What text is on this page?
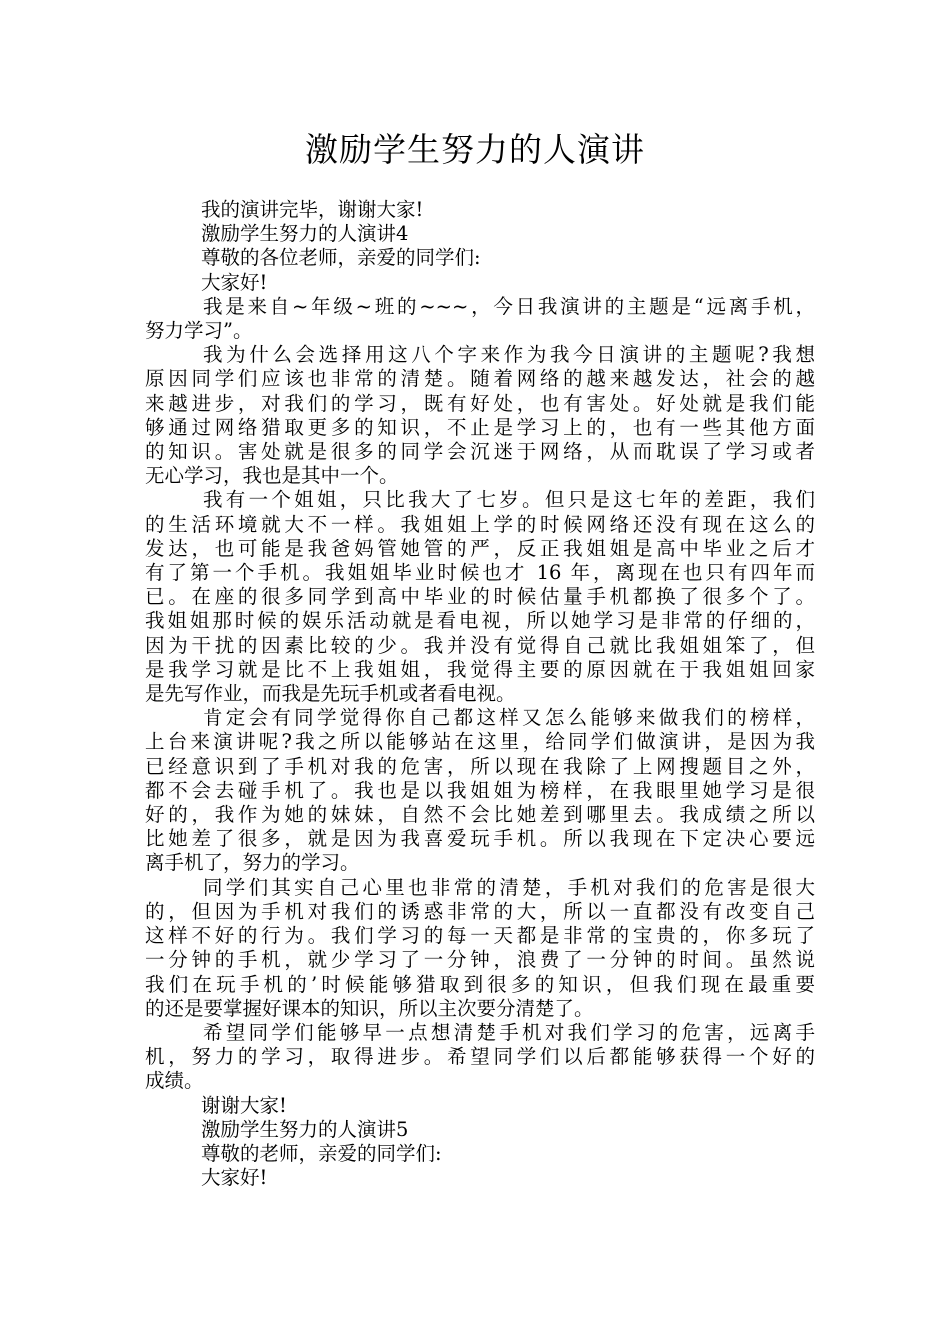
激励学生努力的人演讲

我的演讲完毕，谢谢大家!

激励学生努力的人演讲4

尊敬的各位老师，亲爱的同学们:

大家好!

我是来自~年级~班的~~~，今日我演讲的主题是“远离手机，

努力学习”。

我为什么会选择用这八个字来作为我今日演讲的主题呢?我想

原因同学们应该也非常的清楚。随着网络的越来越发达，社会的越

来越进步，对我们的学习，既有好处，也有害处。好处就是我们能

够通过网络猎取更多的知识，不止是学习上的，也有一些其他方面

的知识。害处就是很多的同学会沉迷于网络，从而耽误了学习或者

无心学习，我也是其中一个。

我有一个姐姐，只比我大了七岁。但只是这七年的差距，我们

的生活环境就大不一样。我姐姐上学的时候网络还没有现在这么的

发达，也可能是我爸妈管她管的严，反正我姐姐是高中毕业之后才

有了第一个手机。我姐姐毕业时候也才 16 年，离现在也只有四年而

已。在座的很多同学到高中毕业的时候估量手机都换了很多个了。

我姐姐那时候的娱乐活动就是看电视，所以她学习是非常的仔细的，

因为干扰的因素比较的少。我并没有觉得自己就比我姐姐笨了，但

是我学习就是比不上我姐姐，我觉得主要的原因就在于我姐姐回家

是先写作业，而我是先玩手机或者看电视。

肯定会有同学觉得你自己都这样又怎么能够来做我们的榜样，

上台来演讲呢?我之所以能够站在这里，给同学们做演讲，是因为我

已经意识到了手机对我的危害，所以现在我除了上网搜题目之外，

都不会去碰手机了。我也是以我姐姐为榜样，在我眼里她学习是很

好的，我作为她的妹妹，自然不会比她差到哪里去。我成绩之所以

比她差了很多，就是因为我喜爱玩手机。所以我现在下定决心要远

离手机了，努力的学习。

同学们其实自己心里也非常的清楚，手机对我们的危害是很大

的，但因为手机对我们的诱惑非常的大，所以一直都没有改变自己

这样不好的行为。我们学习的每一天都是非常的宝贵的，你多玩了

一分钟的手机，就少学习了一分钟，浪费了一分钟的时间。虽然说

我们在玩手机的’时候能够猎取到很多的知识，但我们现在最重要

的还是要掌握好课本的知识，所以主次要分清楚了。

希望同学们能够早一点想清楚手机对我们学习的危害，远离手

机，努力的学习，取得进步。希望同学们以后都能够获得一个好的

成绩。

谢谢大家!

激励学生努力的人演讲5

尊敬的老师，亲爱的同学们:

大家好!
